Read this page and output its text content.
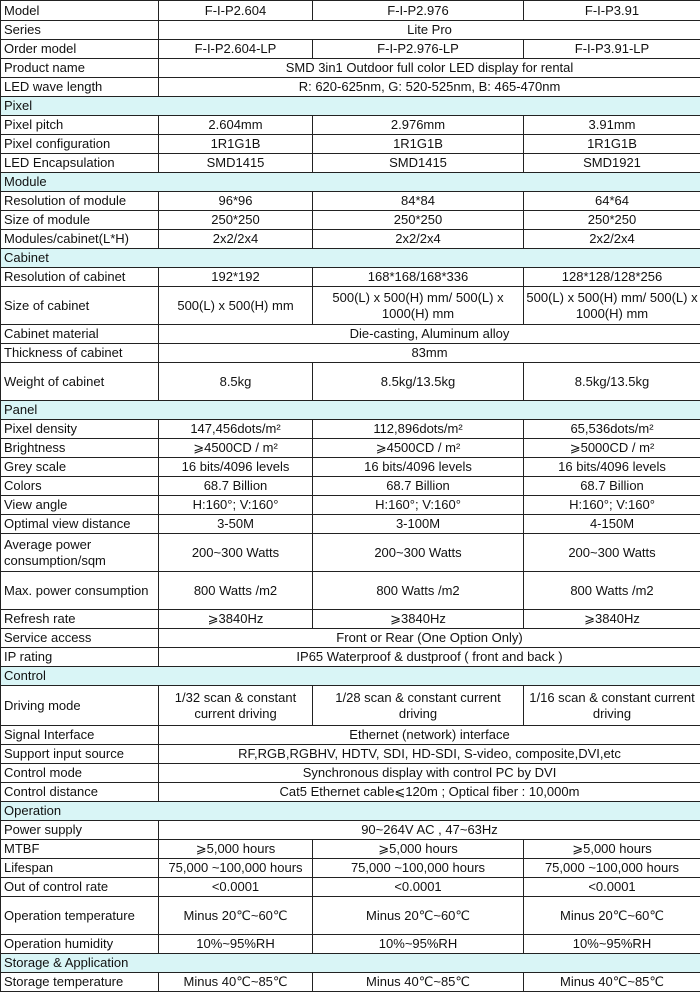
Model	F-I-P2.604	F-I-P2.976	F-I-P3.91
Series	Lite Pro		
Order model	F-I-P2.604-LP	F-I-P2.976-LP	F-I-P3.91-LP
Product name	SMD 3in1 Outdoor full color LED display for rental		
LED wave length	R: 620-625nm, G: 520-525nm, B: 465-470nm		
Pixel			
Pixel pitch	2.604mm	2.976mm	3.91mm
Pixel configuration	1R1G1B	1R1G1B	1R1G1B
LED Encapsulation	SMD1415	SMD1415	SMD1921
Module			
Resolution of module	96*96	84*84	64*64
Size of module	250*250	250*250	250*250
Modules/cabinet(L*H)	2x2/2x4	2x2/2x4	2x2/2x4
Cabinet			
Resolution of cabinet	192*192	168*168/168*336	128*128/128*256
Size of cabinet	500(L) x 500(H) mm	500(L) x 500(H) mm/ 500(L) x 1000(H) mm	500(L) x 500(H) mm/ 500(L) x 1000(H) mm
Cabinet material	Die-casting, Aluminum alloy		
Thickness of cabinet	83mm		
Weight of cabinet	8.5kg	8.5kg/13.5kg	8.5kg/13.5kg
Panel			
Pixel density	147,456dots/m²	112,896dots/m²	65,536dots/m²
Brightness	⩾4500CD / m²	⩾4500CD / m²	⩾5000CD / m²
Grey scale	16 bits/4096 levels	16 bits/4096 levels	16 bits/4096 levels
Colors	68.7 Billion	68.7 Billion	68.7 Billion
View angle	H:160°; V:160°	H:160°; V:160°	H:160°; V:160°
Optimal view distance	3-50M	3-100M	4-150M
Average power consumption/sqm	200~300 Watts	200~300 Watts	200~300 Watts
Max. power consumption	800 Watts /m2	800 Watts /m2	800 Watts /m2
Refresh rate	⩾3840Hz	⩾3840Hz	⩾3840Hz
Service access	Front or Rear (One Option Only)		
IP rating	IP65 Waterproof & dustproof ( front and back )		
Control			
Driving mode	1/32 scan & constant current driving	1/28 scan & constant current driving	1/16 scan & constant current driving
Signal Interface	Ethernet (network) interface		
Support input source	RF,RGB,RGBHV, HDTV, SDI, HD-SDI, S-video, composite,DVI,etc		
Control mode	Synchronous display with control PC by DVI		
Control distance	Cat5 Ethernet cable⩽120m ; Optical fiber : 10,000m		
Operation			
Power supply	90~264V AC , 47~63Hz		
MTBF	⩾5,000 hours	⩾5,000 hours	⩾5,000 hours
Lifespan	75,000 ~100,000 hours	75,000 ~100,000 hours	75,000 ~100,000 hours
Out of control rate	<0.0001	<0.0001	<0.0001
Operation temperature	Minus 20℃~60℃	Minus 20℃~60℃	Minus 20℃~60℃
Operation humidity	10%~95%RH	10%~95%RH	10%~95%RH
Storage & Application			
Storage temperature	Minus 40℃~85℃	Minus 40℃~85℃	Minus 40℃~85℃
